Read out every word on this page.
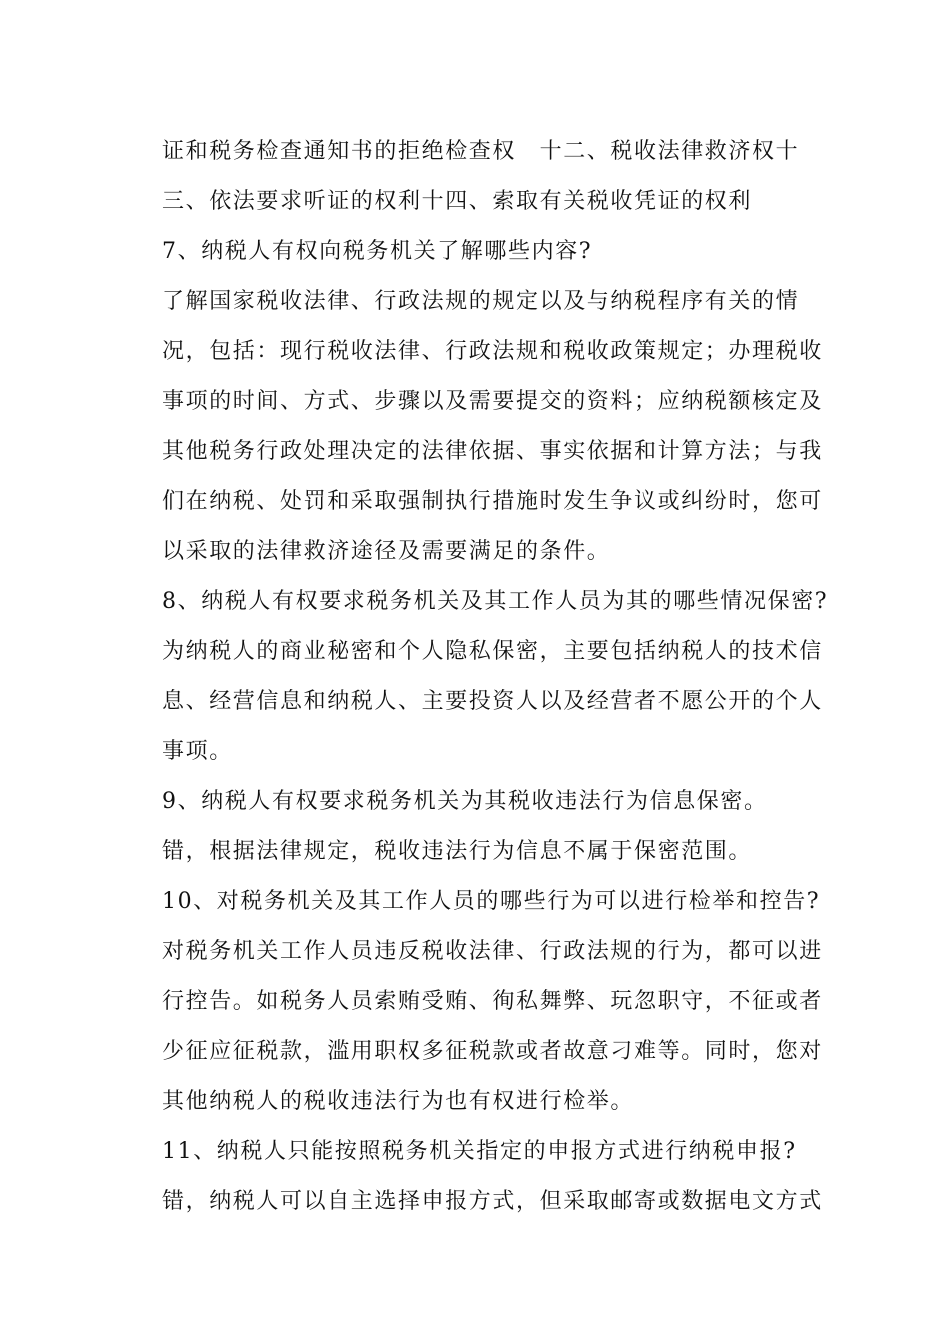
证和税务检查通知书的拒绝检查权　十二、税收法律救济权十
三、依法要求听证的权利十四、索取有关税收凭证的权利
7、纳税人有权向税务机关了解哪些内容?
了解国家税收法律、行政法规的规定以及与纳税程序有关的情
况，包括：现行税收法律、行政法规和税收政策规定；办理税收
事项的时间、方式、步骤以及需要提交的资料；应纳税额核定及
其他税务行政处理决定的法律依据、事实依据和计算方法；与我
们在纳税、处罚和采取强制执行措施时发生争议或纠纷时，您可
以采取的法律救济途径及需要满足的条件。
8、纳税人有权要求税务机关及其工作人员为其的哪些情况保密?
为纳税人的商业秘密和个人隐私保密，主要包括纳税人的技术信
息、经营信息和纳税人、主要投资人以及经营者不愿公开的个人
事项。
9、纳税人有权要求税务机关为其税收违法行为信息保密。
错，根据法律规定，税收违法行为信息不属于保密范围。
10、对税务机关及其工作人员的哪些行为可以进行检举和控告?
对税务机关工作人员违反税收法律、行政法规的行为，都可以进
行控告。如税务人员索贿受贿、徇私舞弊、玩忽职守，不征或者
少征应征税款，滥用职权多征税款或者故意刁难等。同时，您对
其他纳税人的税收违法行为也有权进行检举。
11、纳税人只能按照税务机关指定的申报方式进行纳税申报?
错，纳税人可以自主选择申报方式，但采取邮寄或数据电文方式
